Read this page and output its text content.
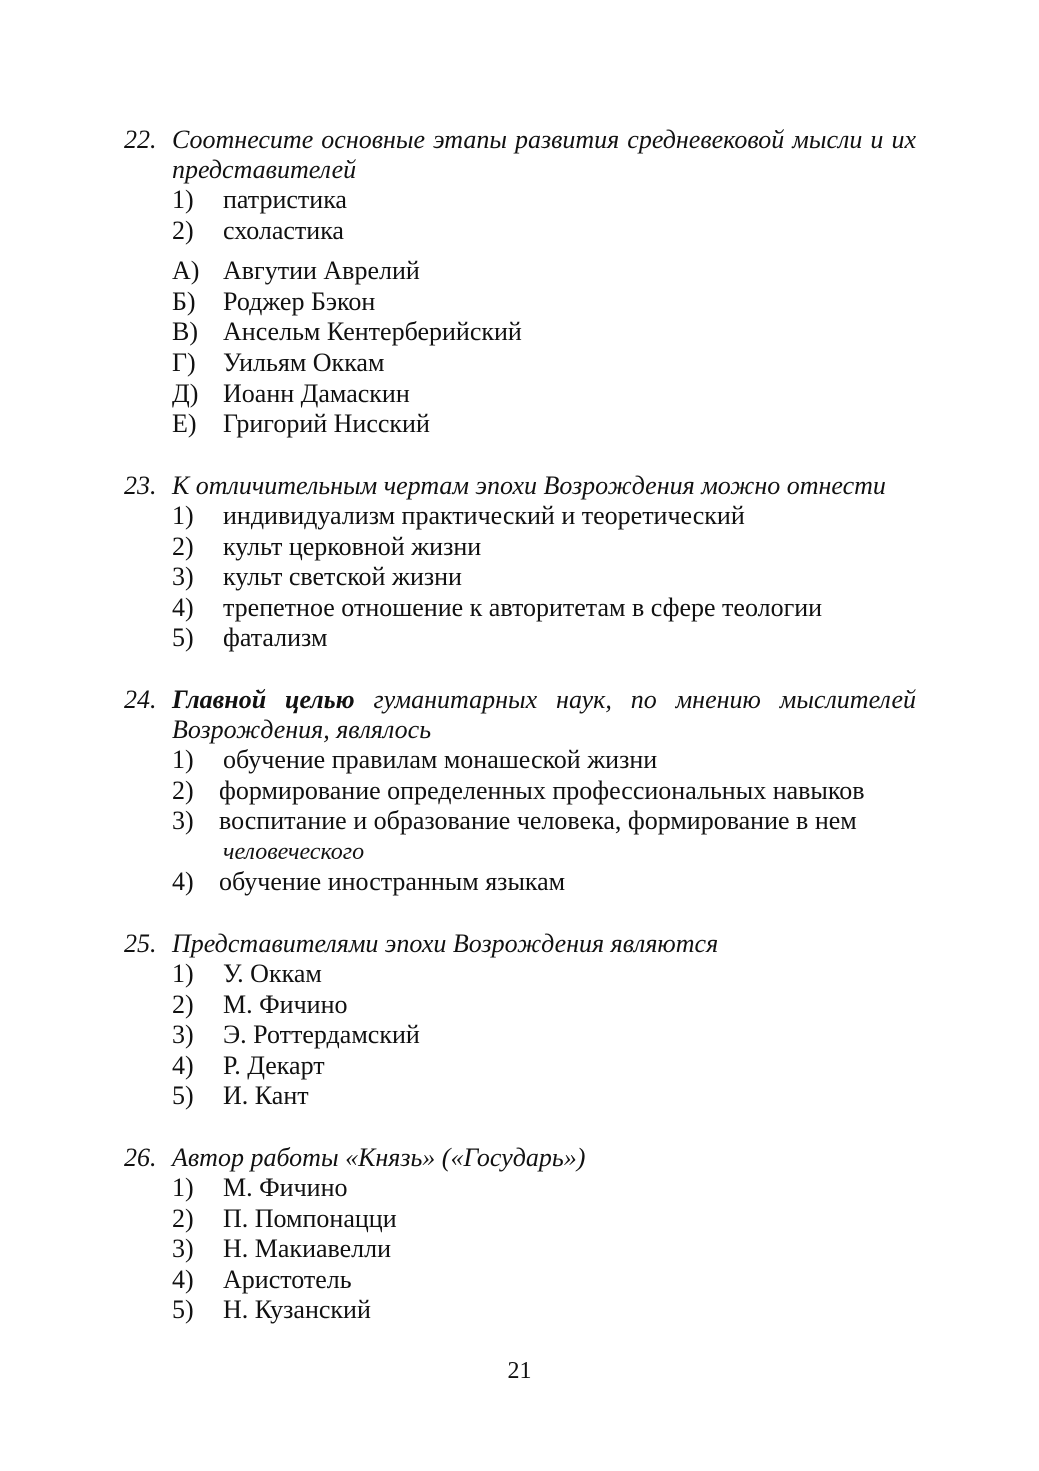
22. Соотнесите основные этапы развития средневековой мысли и их представителей
1) патристика
2) схоластика
А) Авгутии Аврелий
Б) Роджер Бэкон
В) Ансельм Кентерберийский
Г) Уильям Оккам
Д) Иоанн Дамаскин
Е) Григорий Нисский
23. К отличительным чертам эпохи Возрождения можно отнести
1) индивидуализм практический и теоретический
2) культ церковной жизни
3) культ светской жизни
4) трепетное отношение к авторитетам в сфере теологии
5) фатализм
24. Главной целью гуманитарных наук, по мнению мыслителей Возрождения, являлось
1) обучение правилам монашеской жизни
2) формирование определенных профессиональных навыков
3) воспитание и образование человека, формирование в нем
человеческого
4) обучение иностранным языкам
25. Представителями эпохи Возрождения являются
1) У. Оккам
2) М. Фичино
3) Э. Роттердамский
4) Р. Декарт
5) И. Кант
26. Автор работы «Князь» («Государь»)
1) М. Фичино
2) П. Помпонацци
3) Н. Макиавелли
4) Аристотель
5) Н. Кузанский
21
